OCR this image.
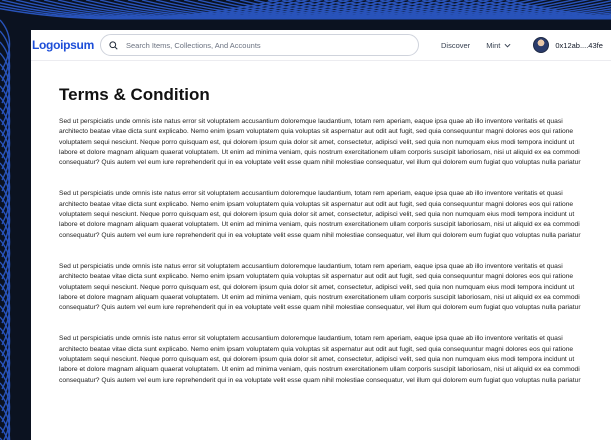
Logoipsum
Search Items, Collections, And Accounts	Discover Mint	0x12ab....43fe
Terms & Condition

Sed ut perspiciatis unde omnis iste natus error sit voluptatem accusantium doloremque laudantium, totam rem aperiam, eaque ipsa quae ab illo inventore veritatis et quasi architecto beatae vitae dicta sunt explicabo. Nemo enim ipsam voluptatem quia voluptas sit aspernatur aut odit aut fugit, sed quia consequuntur magni dolores eos qui ratione voluptatem sequi nesciunt. Neque porro quisquam est, qui dolorem ipsum quia dolor sit amet, consectetur, adipisci velit, sed quia non numquam eius modi tempora incidunt ut labore et dolore magnam aliquam quaerat voluptatem. Ut enim ad minima veniam, quis nostrum exercitationem ullam corporis suscipit laboriosam, nisi ut aliquid ex ea commodi consequatur? Quis autem vel eum iure reprehenderit qui in ea voluptate velit esse quam nihil molestiae consequatur, vel illum qui dolorem eum fugiat quo voluptas nulla pariatur

Sed ut perspiciatis unde omnis iste natus error sit voluptatem accusantium doloremque laudantium, totam rem aperiam, eaque ipsa quae ab illo inventore veritatis et quasi architecto beatae vitae dicta sunt explicabo. Nemo enim ipsam voluptatem quia voluptas sit aspernatur aut odit aut fugit, sed quia consequuntur magni dolores eos qui ratione voluptatem sequi nesciunt. Neque porro quisquam est, qui dolorem ipsum quia dolor sit amet, consectetur, adipisci velit, sed quia non numquam eius modi tempora incidunt ut labore et dolore magnam aliquam quaerat voluptatem. Ut enim ad minima veniam, quis nostrum exercitationem ullam corporis suscipit laboriosam, nisi ut aliquid ex ea commodi consequatur? Quis autem vel eum iure reprehenderit qui in ea voluptate velit esse quam nihil molestiae consequatur, vel illum qui dolorem eum fugiat quo voluptas nulla pariatur

Sed ut perspiciatis unde omnis iste natus error sit voluptatem accusantium doloremque laudantium, totam rem aperiam, eaque ipsa quae ab illo inventore veritatis et quasi architecto beatae vitae dicta sunt explicabo. Nemo enim ipsam voluptatem quia voluptas sit aspernatur aut odit aut fugit, sed quia consequuntur magni dolores eos qui ratione voluptatem sequi nesciunt. Neque porro quisquam est, qui dolorem ipsum quia dolor sit amet, consectetur, adipisci velit, sed quia non numquam eius modi tempora incidunt ut labore et dolore magnam aliquam quaerat voluptatem. Ut enim ad minima veniam, quis nostrum exercitationem ullam corporis suscipit laboriosam, nisi ut aliquid ex ea commodi consequatur? Quis autem vel eum iure reprehenderit qui in ea voluptate velit esse quam nihil molestiae consequatur, vel illum qui dolorem eum fugiat quo voluptas nulla pariatur

Sed ut perspiciatis unde omnis iste natus error sit voluptatem accusantium doloremque laudantium, totam rem aperiam, eaque ipsa quae ab illo inventore veritatis et quasi architecto beatae vitae dicta sunt explicabo. Nemo enim ipsam voluptatem quia voluptas sit aspernatur aut odit aut fugit, sed quia consequuntur magni dolores eos qui ratione voluptatem sequi nesciunt. Neque porro quisquam est, qui dolorem ipsum quia dolor sit amet, consectetur, adipisci velit, sed quia non numquam eius modi tempora incidunt ut labore et dolore magnam aliquam quaerat voluptatem. Ut enim ad minima veniam, quis nostrum exercitationem ullam corporis suscipit laboriosam, nisi ut aliquid ex ea commodi consequatur? Quis autem vel eum iure reprehenderit qui in ea voluptate velit esse quam nihil molestiae consequatur, vel illum qui dolorem eum fugiat quo voluptas nulla pariatur
